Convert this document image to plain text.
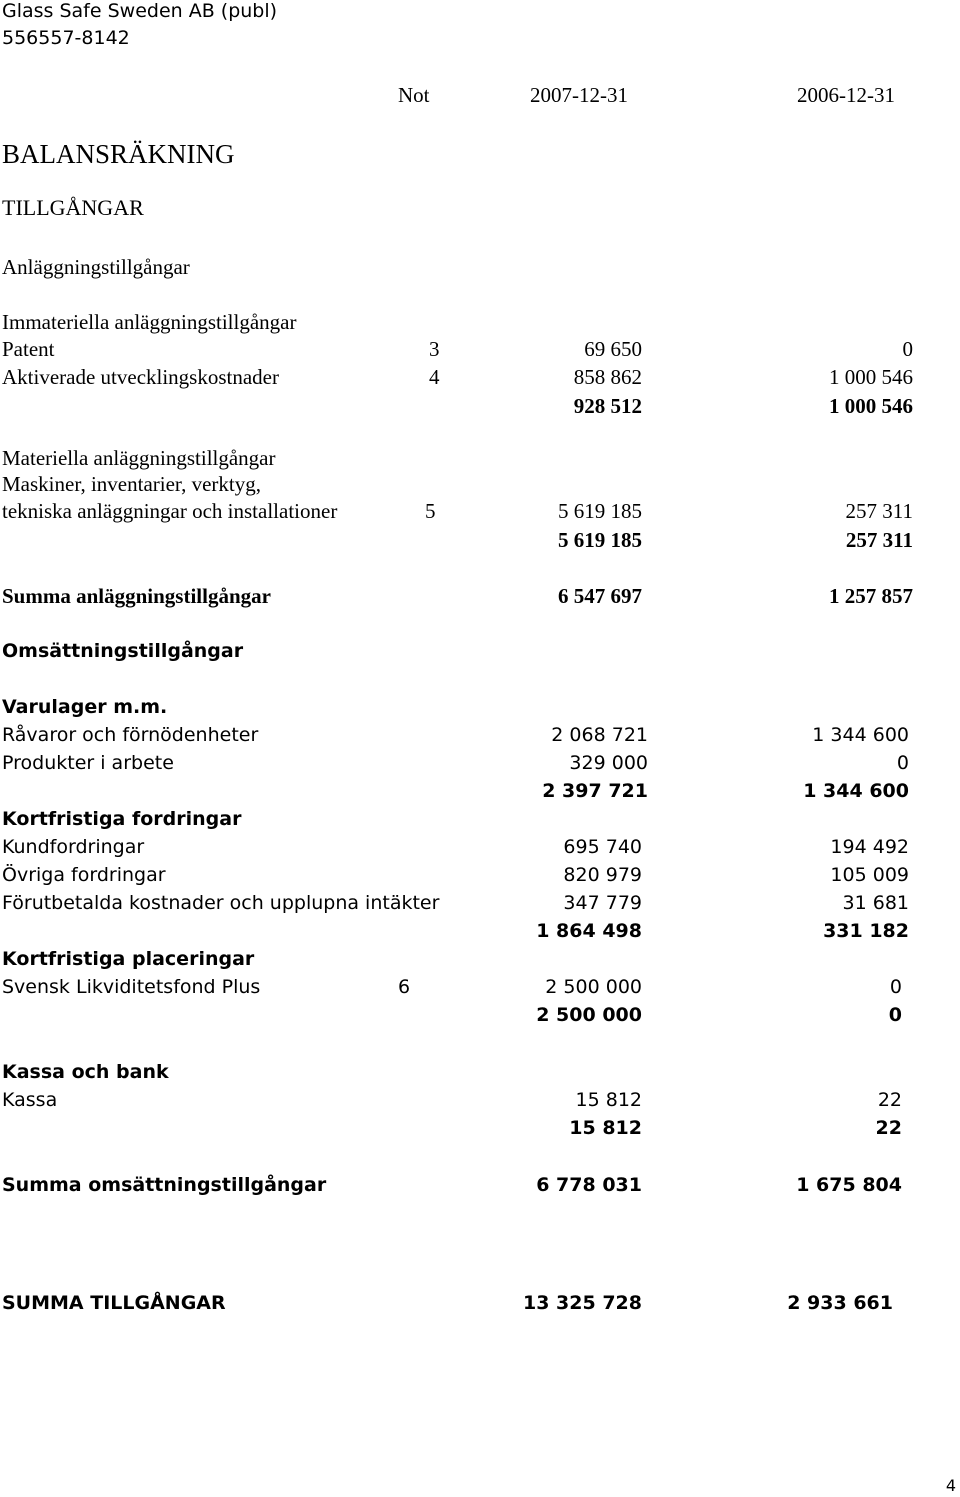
Glass Safe Sweden AB (publ)
556557-8142
Not	2007-12-31	2006-12-31
BALANSRÄKNING
TILLGÅNGAR
Anläggningstillgångar
Immateriella anläggningstillgångar
Patent	3	69 650	0
Aktiverade utvecklingskostnader	4	858 862	1 000 546
928 512	1 000 546
Materiella anläggningstillgångar
Maskiner, inventarier, verktyg,
tekniska anläggningar och installationer	5	5 619 185	257 311
5 619 185	257 311
Summa anläggningstillgångar	6 547 697	1 257 857
Omsättningstillgångar
Varulager m.m.
Råvaror och förnödenheter	2 068 721	1 344 600
Produkter i arbete	329 000	0
2 397 721	1 344 600
Kortfristiga fordringar
Kundfordringar	695 740	194 492
Övriga fordringar	820 979	105 009
Förutbetalda kostnader och upplupna intäkter	347 779	31 681
1 864 498	331 182
Kortfristiga placeringar
Svensk Likviditetsfond Plus	6	2 500 000	0
2 500 000	0
Kassa och bank
Kassa	15 812	22
15 812	22
Summa omsättningstillgångar	6 778 031	1 675 804
SUMMA TILLGÅNGAR	13 325 728	2 933 661
4
